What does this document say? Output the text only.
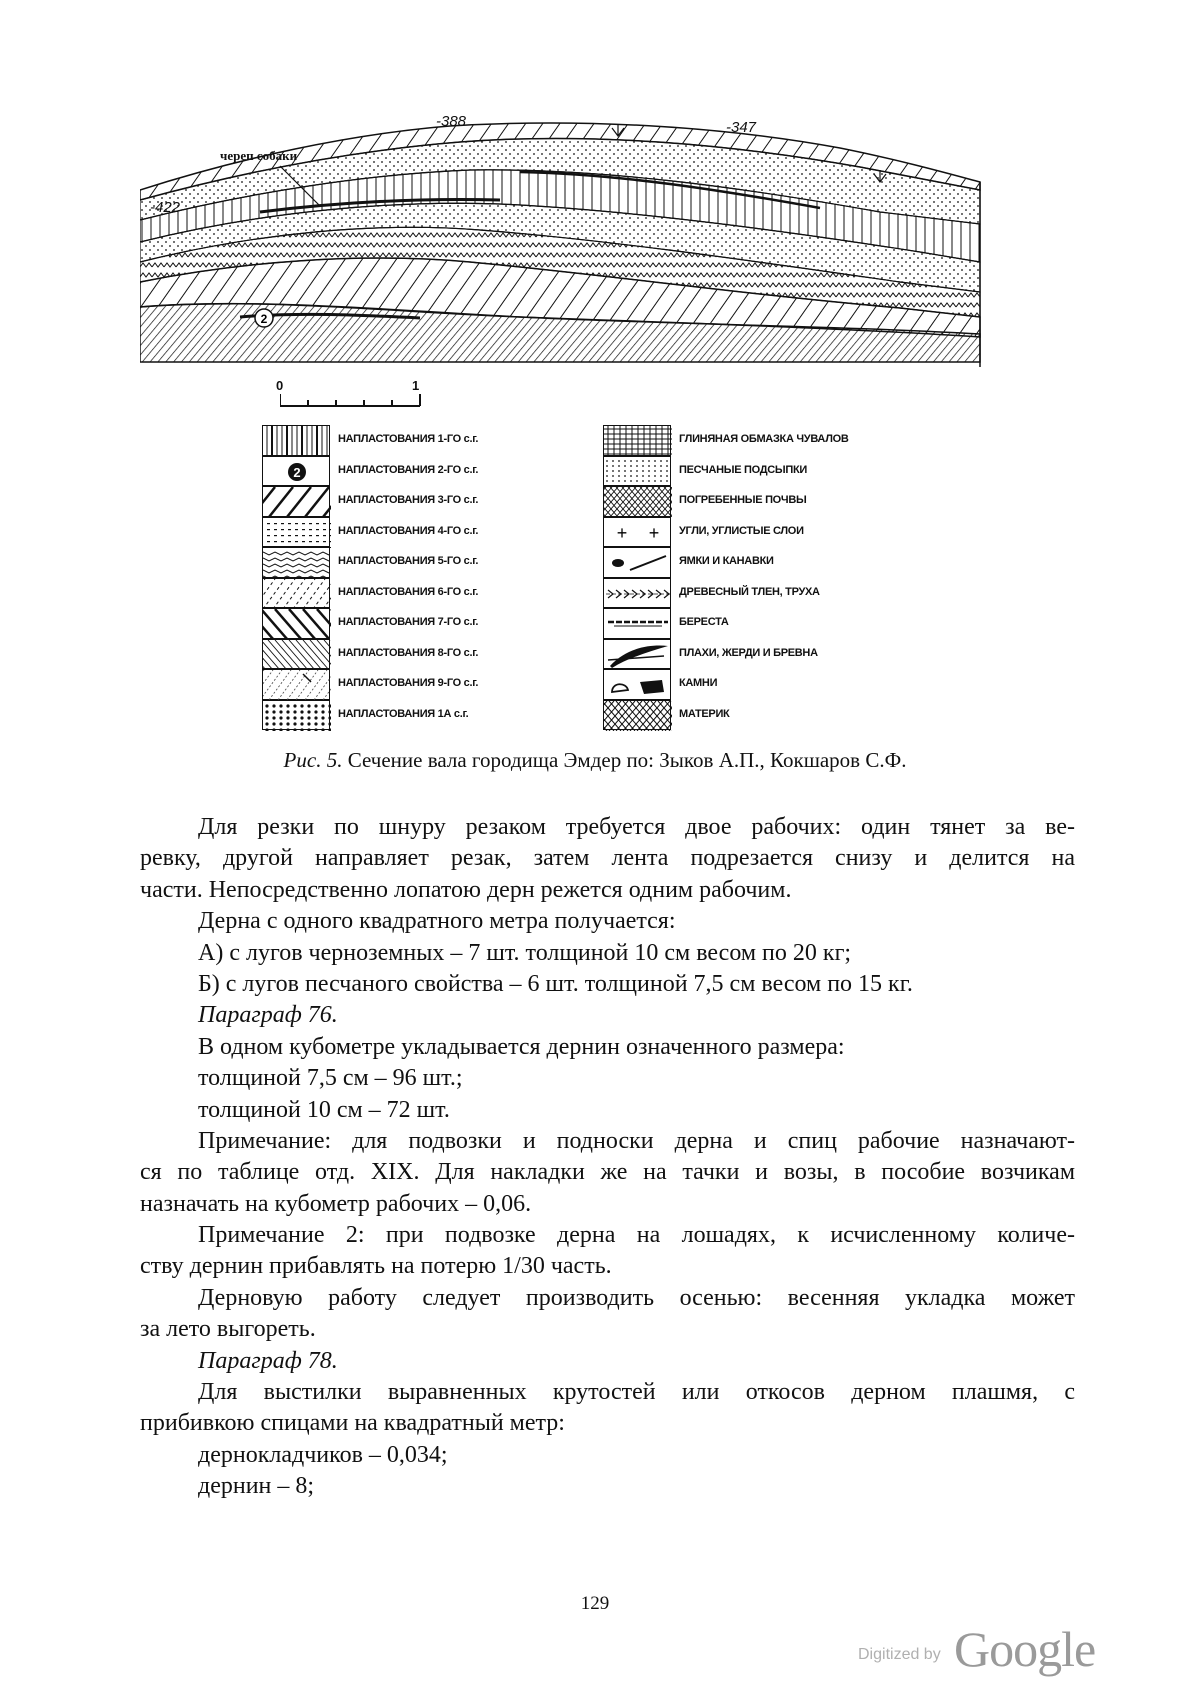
2
-422
-388	-347
череп собаки
0	1
НАПЛАСТОВАНИЯ 1-ГО с.г.
2	НАПЛАСТОВАНИЯ 2-ГО с.г.
НАПЛАСТОВАНИЯ 3-ГО с.г.
НАПЛАСТОВАНИЯ 4-ГО с.г.
НАПЛАСТОВАНИЯ 5-ГО с.г.
НАПЛАСТОВАНИЯ 6-ГО с.г.
НАПЛАСТОВАНИЯ 7-ГО с.г.
НАПЛАСТОВАНИЯ 8-ГО с.г.
НАПЛАСТОВАНИЯ 9-ГО с.г.
НАПЛАСТОВАНИЯ 1А с.г.
ГЛИНЯНАЯ ОБМАЗКА ЧУВАЛОВ
ПЕСЧАНЫЕ ПОДСЫПКИ
ПОГРЕБЕННЫЕ ПОЧВЫ
+ + УГЛИ, УГЛИСТЫЕ СЛОИ
ЯМКИ И КАНАВКИ
ДРЕВЕСНЫЙ ТЛЕН, ТРУХА
БЕРЕСТА
ПЛАХИ, ЖЕРДИ И БРЕВНА
КАМНИ
МАТЕРИК
Рис. 5. Сечение вала городища Эмдер по: Зыков А.П., Кокшаров С.Ф.
Для резки по шнуру резаком требуется двое рабочих: один тянет за ве-
ревку, другой направляет резак, затем лента подрезается снизу и делится на
части. Непосредственно лопатою дерн режется одним рабочим.
Дерна с одного квадратного метра получается:
А) с лугов черноземных – 7 шт. толщиной 10 см весом по 20 кг;
Б) с лугов песчаного свойства – 6 шт. толщиной 7,5 см весом по 15 кг.
Параграф 76.
В одном кубометре укладывается дернин означенного размера:
толщиной 7,5 см – 96 шт.;
толщиной 10 см – 72 шт.
Примечание: для подвозки и подноски дерна и спиц рабочие назначают-
ся по таблице отд. XIX. Для накладки же на тачки и возы, в пособие возчикам
назначать на кубометр рабочих – 0,06.
Примечание 2: при подвозке дерна на лошадях, к исчисленному количе-
ству дернин прибавлять на потерю 1/30 часть.
Дерновую работу следует производить осенью: весенняя укладка может
за лето выгореть.
Параграф 78.
Для выстилки выравненных крутостей или откосов дерном плашмя, с
прибивкою спицами на квадратный метр:
дернокладчиков – 0,034;
дернин – 8;
129
Digitized by Google
